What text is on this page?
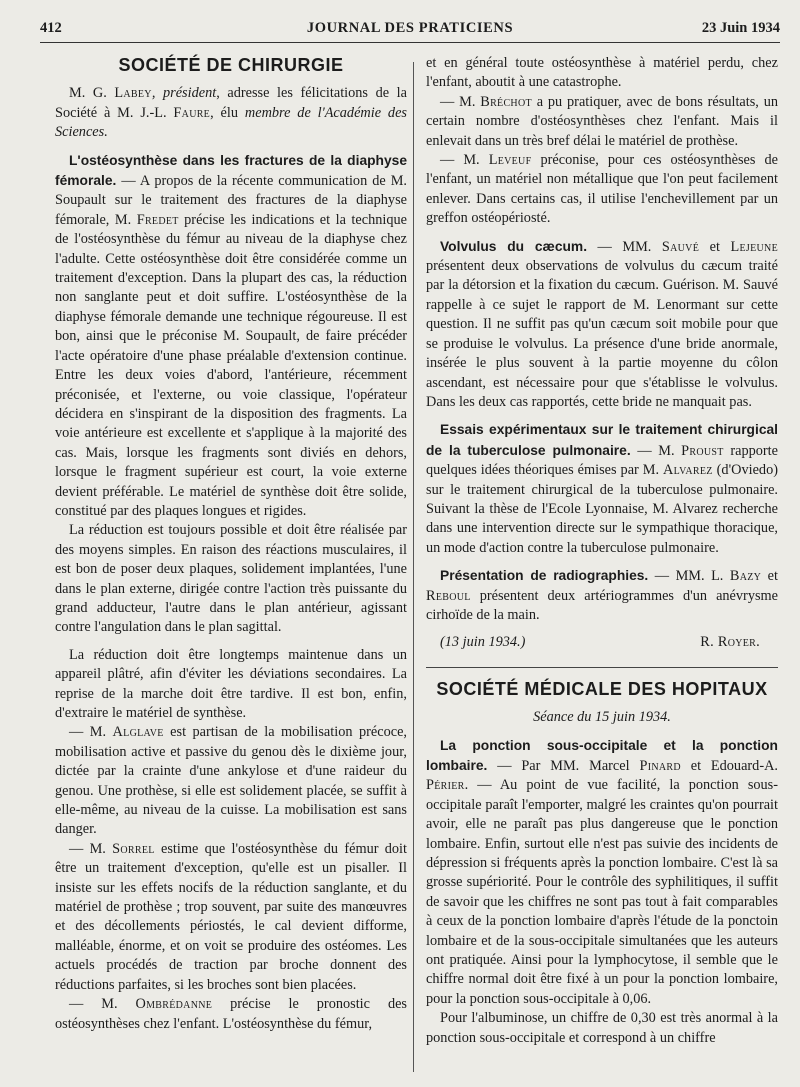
412	JOURNAL DES PRATICIENS	23 Juin 1934
SOCIÉTÉ DE CHIRURGIE

M. G. Labey, président, adresse les félicitations de la Société à M. J.-L. Faure, élu membre de l'Académie des Sciences.

L'ostéosynthèse dans les fractures de la diaphyse fémorale. — A propos de la récente communication de M. Soupault sur le traitement des fractures de la diaphyse fémorale, M. Fredet précise les indications et la technique de l'ostéosynthèse du fémur au niveau de la diaphyse chez l'adulte. Cette ostéosynthèse doit être considérée comme un traitement d'exception. Dans la plupart des cas, la réduction non sanglante peut et doit suffire. L'ostéosynthèse de la diaphyse fémorale demande une technique régoureuse. Il est bon, ainsi que le préconise M. Soupault, de faire précéder l'acte opératoire d'une phase préalable d'extension continue. Entre les deux voies d'abord, l'antérieure, récemment préconisée, et l'externe, ou voie classique, l'opérateur décidera en s'inspirant de la disposition des fragments. La voie antérieure est excellente et s'applique à la majorité des cas. Mais, lorsque les fragments sont diviés en dehors, lorsque le fragment supérieur est court, la voie externe devient préférable. Le matériel de synthèse doit être solide, constitué par des plaques longues et rigides.

La réduction est toujours possible et doit être réalisée par des moyens simples. En raison des réactions musculaires, il est bon de poser deux plaques, solidement implantées, l'une dans le plan externe, dirigée contre l'action très puissante du grand adducteur, l'autre dans le plan antérieur, agissant contre l'angulation dans le plan sagittal.

La réduction doit être longtemps maintenue dans un appareil plâtré, afin d'éviter les déviations secondaires. La reprise de la marche doit être tardive. Il est bon, enfin, d'extraire le matériel de synthèse.

— M. Alglave est partisan de la mobilisation précoce, mobilisation active et passive du genou dès le dixième jour, dictée par la crainte d'une ankylose et d'une raideur du genou. Une prothèse, si elle est solidement placée, se suffit à elle-même, au niveau de la cuisse. La mobilisation est sans danger.

— M. Sorrel estime que l'ostéosynthèse du fémur doit être un traitement d'exception, qu'elle est un pisaller. Il insiste sur les effets nocifs de la réduction sanglante, et du matériel de prothèse ; trop souvent, par suite des manœuvres et des décollements périostés, le cal devient difforme, malléable, énorme, et on voit se produire des ostéomes. Les actuels procédés de traction par broche donnent des réductions parfaites, si les broches sont bien placées.

— M. Ombrédanne précise le pronostic des ostéosynthèses chez l'enfant. L'ostéosynthèse du fémur,

et en général toute ostéosynthèse à matériel perdu, chez l'enfant, aboutit à une catastrophe.

— M. Bréchot a pu pratiquer, avec de bons résultats, un certain nombre d'ostéosynthèses chez l'enfant. Mais il enlevait dans un très bref délai le matériel de prothèse.

— M. Leveuf préconise, pour ces ostéosynthèses de l'enfant, un matériel non métallique que l'on peut facilement enlever. Dans certains cas, il utilise l'enchevillement par un greffon ostéopériosté.

Volvulus du cæcum. — MM. Sauvé et Lejeune présentent deux observations de volvulus du cæcum traité par la détorsion et la fixation du cæcum. Guérison. M. Sauvé rappelle à ce sujet le rapport de M. Lenormant sur cette question. Il ne suffit pas qu'un cæcum soit mobile pour que se produise le volvulus. La présence d'une bride anormale, insérée le plus souvent à la partie moyenne du côlon ascendant, est nécessaire pour que s'établisse le volvulus. Dans les deux cas rapportés, cette bride ne manquait pas.

Essais expérimentaux sur le traitement chirurgical de la tuberculose pulmonaire. — M. Proust rapporte quelques idées théoriques émises par M. Alvarez (d'Oviedo) sur le traitement chirurgical de la tuberculose pulmonaire. Suivant la thèse de l'Ecole Lyonnaise, M. Alvarez recherche dans une intervention directe sur le sympathique thoracique, un mode d'action contre la tuberculose pulmonaire.

Présentation de radiographies. — MM. L. Bazy et Reboul présentent deux artériogrammes d'un anévrysme cirhoïde de la main.

(13 juin 1934.)	R. Royer.
SOCIÉTÉ MÉDICALE DES HOPITAUX
Séance du 15 juin 1934.

La ponction sous-occipitale et la ponction lombaire. — Par MM. Marcel Pinard et Edouard-A. Périer. — Au point de vue facilité, la ponction sous-occipitale paraît l'emporter, malgré les craintes qu'on pourrait avoir, elle ne paraît pas plus dangereuse que le ponction lombaire. Enfin, surtout elle n'est pas suivie des incidents de dépression si fréquents après la ponction lombaire. C'est là sa grosse supériorité. Pour le contrôle des syphilitiques, il suffit de savoir que les chiffres ne sont pas tout à fait comparables à ceux de la ponction lombaire d'après l'étude de la ponctoin lombaire et de la sous-occipitale simultanées que les auteurs ont pratiquée. Ainsi pour la lymphocytose, il semble que le chiffre normal doit être fixé à un pour la ponction lombaire, pour la ponction sous-occipitale à 0,06.

Pour l'albuminose, un chiffre de 0,30 est très anormal à la ponction sous-occipitale et correspond à un chiffre
